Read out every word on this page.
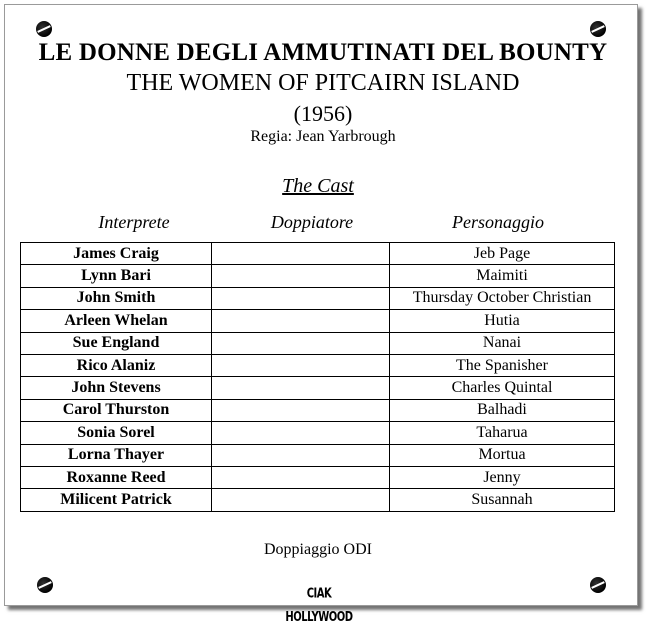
LE DONNE DEGLI AMMUTINATI DEL BOUNTY
THE WOMEN OF PITCAIRN ISLAND
(1956)
Regia: Jean Yarbrough
The Cast
Interprete	Doppiatore	Personaggio
James Craig		Jeb Page
Lynn Bari		Maimiti
John Smith		Thursday October Christian
Arleen Whelan		Hutia
Sue England		Nanai
Rico Alaniz		The Spanisher
John Stevens		Charles Quintal
Carol Thurston		Balhadi
Sonia Sorel		Taharua
Lorna Thayer		Mortua
Roxanne Reed		Jenny
Milicent Patrick		Susannah
Doppiaggio ODI
CIAK HOLLYWOOD
